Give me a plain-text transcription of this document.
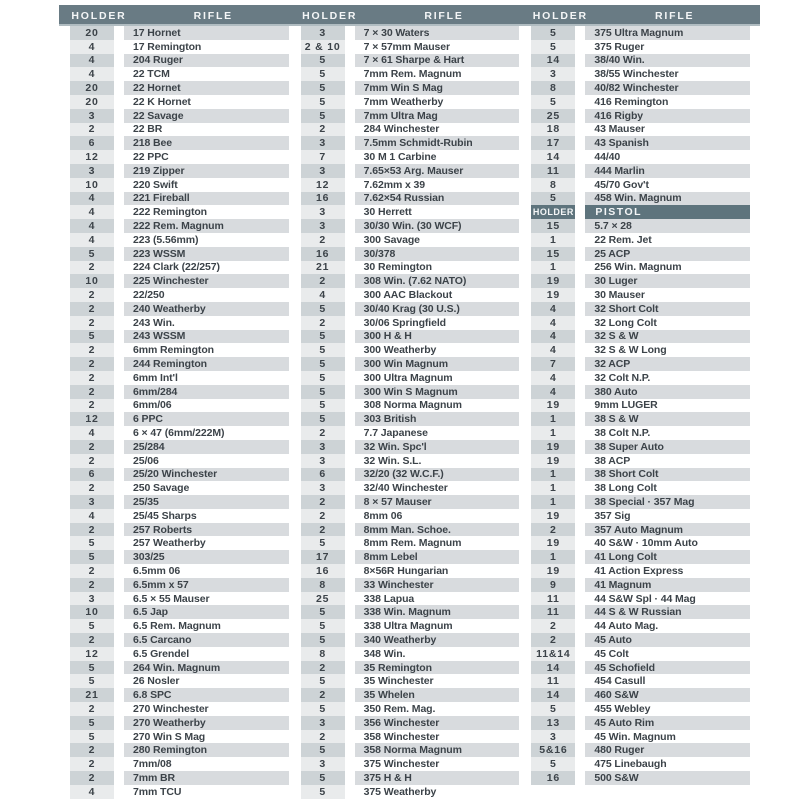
HOLDER	RIFLE
20	17 Hornet
4	17 Remington
4	204 Ruger
4	22 TCM
20	22 Hornet
20	22 K Hornet
3	22 Savage
2	22 BR
6	218 Bee
12	22 PPC
3	219 Zipper
10	220 Swift
4	221 Fireball
4	222 Remington
4	222 Rem. Magnum
4	223 (5.56mm)
5	223 WSSM
2	224 Clark (22/257)
10	225 Winchester
2	22/250
2	240 Weatherby
2	243 Win.
5	243 WSSM
2	6mm Remington
2	244 Remington
2	6mm Int'l
2	6mm/284
2	6mm/06
12	6 PPC
4	6 × 47 (6mm/222M)
2	25/284
2	25/06
6	25/20 Winchester
2	250 Savage
3	25/35
4	25/45 Sharps
2	257 Roberts
5	257 Weatherby
5	303/25
2	6.5mm 06
2	6.5mm x 57
3	6.5 × 55 Mauser
10	6.5 Jap
5	6.5 Rem. Magnum
2	6.5 Carcano
12	6.5 Grendel
5	264 Win. Magnum
5	26 Nosler
21	6.8 SPC
2	270 Winchester
5	270 Weatherby
5	270 Win S Mag
2	280 Remington
2	7mm/08
2	7mm BR
4	7mm TCU
HOLDER	RIFLE
3	7 × 30 Waters
2 & 10	7 × 57mm Mauser
5	7 × 61 Sharpe & Hart
5	7mm Rem. Magnum
5	7mm Win S Mag
5	7mm Weatherby
5	7mm Ultra Mag
2	284 Winchester
3	7.5mm Schmidt-Rubin
7	30 M 1 Carbine
3	7.65×53 Arg. Mauser
12	7.62mm x 39
16	7.62×54 Russian
3	30 Herrett
3	30/30 Win. (30 WCF)
2	300 Savage
16	30/378
21	30 Remington
2	308 Win. (7.62 NATO)
4	300 AAC Blackout
5	30/40 Krag (30 U.S.)
2	30/06 Springfield
5	300 H & H
5	300 Weatherby
5	300 Win Magnum
5	300 Ultra Magnum
5	300 Win S Magnum
5	308 Norma Magnum
5	303 British
2	7.7 Japanese
3	32 Win. Spc'l
3	32 Win. S.L.
6	32/20 (32 W.C.F.)
3	32/40 Winchester
2	8 × 57 Mauser
2	8mm 06
2	8mm Man. Schoe.
5	8mm Rem. Magnum
17	8mm Lebel
16	8×56R Hungarian
8	33 Winchester
25	338 Lapua
5	338 Win. Magnum
5	338 Ultra Magnum
5	340 Weatherby
8	348 Win.
2	35 Remington
5	35 Winchester
2	35 Whelen
5	350 Rem. Mag.
3	356 Winchester
2	358 Winchester
5	358 Norma Magnum
3	375 Winchester
5	375 H & H
5	375 Weatherby
HOLDER	RIFLE
5	375 Ultra Magnum
5	375 Ruger
14	38/40 Win.
3	38/55 Winchester
8	40/82 Winchester
5	416 Remington
25	416 Rigby
18	43 Mauser
17	43 Spanish
14	44/40
11	444 Marlin
8	45/70 Gov't
5	458 Win. Magnum
HOLDER	PISTOL
15	5.7 × 28
1	22 Rem. Jet
15	25 ACP
1	256 Win. Magnum
19	30 Luger
19	30 Mauser
4	32 Short Colt
4	32 Long Colt
4	32 S & W
4	32 S & W Long
7	32 ACP
4	32 Colt N.P.
4	380 Auto
19	9mm LUGER
1	38 S & W
1	38 Colt N.P.
19	38 Super Auto
19	38 ACP
1	38 Short Colt
1	38 Long Colt
1	38 Special · 357 Mag
19	357 Sig
2	357 Auto Magnum
19	40 S&W · 10mm Auto
1	41 Long Colt
19	41 Action Express
9	41 Magnum
11	44 S&W Spl · 44 Mag
11	44 S & W Russian
2	44 Auto Mag.
2	45 Auto
11&14	45 Colt
14	45 Schofield
11	454 Casull
14	460 S&W
5	455 Webley
13	45 Auto Rim
3	45 Win. Magnum
5&16	480 Ruger
5	475 Linebaugh
16	500 S&W
